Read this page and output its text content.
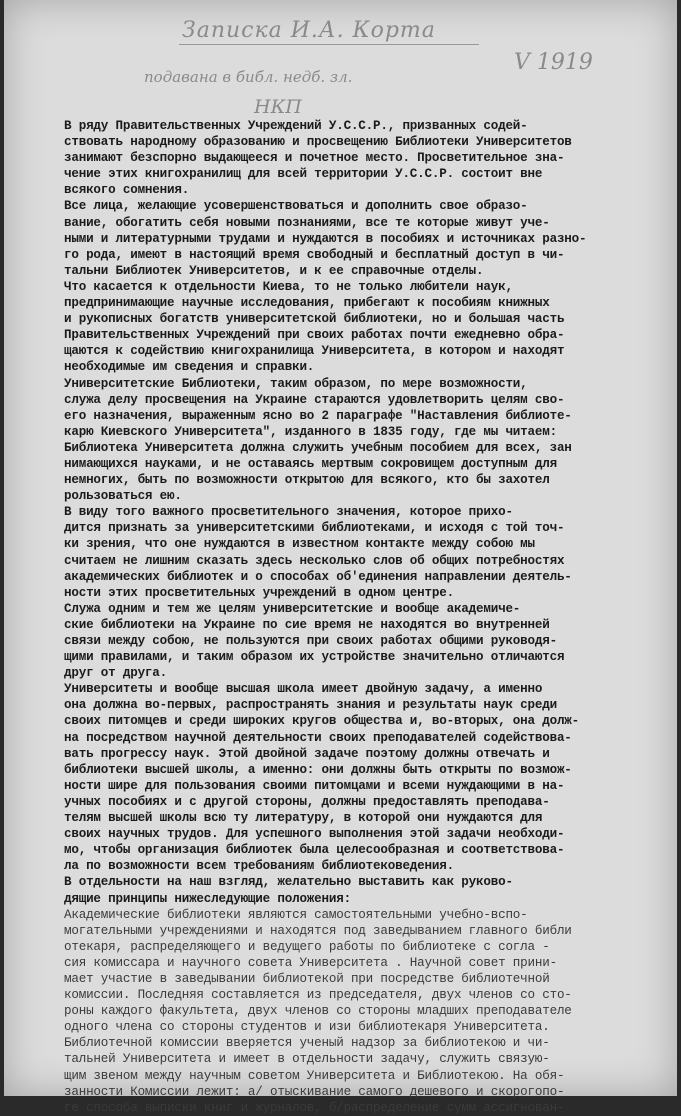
Записка И.А. Корта
V 1919
подавана в библ. недб. зл.
НКП
В ряду Правительственных Учреждений У.С.С.Р., призванных содей-
ствовать народному образованию и просвещению Библиотеки Университетов
занимают безспорно выдающееся и почетное место. Просветительное зна-
чение этих книгохранилищ для всей территории У.С.С.Р. состоит вне
всякого сомнения.
Все лица, желающие усовершенствоваться и дополнить свое образо-
вание, обогатить себя новыми познаниями, все те которые живут уче-
ными и литературными трудами и нуждаются в пособиях и источниках разно-
го рода, имеют в настоящий время свободный и бесплатный доступ в чи-
тальни Библиотек Университетов, и к ее справочные отделы.
Что касается к отдельности Киева, то не только любители наук,
предпринимающие научные исследования, прибегают к пособиям книжных
и рукописных богатств университетской библиотеки, но и большая часть
Правительственных Учреждений при своих работах почти ежедневно обра-
щаются к содействию книгохранилища Университета, в котором и находят
необходимые им сведения и справки.
Университетские Библиотеки, таким образом, по мере возможности,
служа делу просвещения на Украине стараются удовлетворить целям сво-
его назначения, выраженным ясно во 2 параграфе "Наставления библиоте-
карю Киевского Университета", изданного в 1835 году, где мы читаем:
Библиотека Университета должна служить учебным пособием для всех, зан
нимающихся науками, и не оставаясь мертвым сокровищем доступным для
немногих, быть по возможности открытою для всякого, кто бы захотел
рользоваться ею.
В виду того важного просветительного значения, которое прихо-
дится признать за университетскими библиотеками, и исходя с той точ-
ки зрения, что оне нуждаются в известном контакте между собою мы
считаем не лишним сказать здесь несколько слов об общих потребностях
академических библиотек и о способах об'единения направлении деятель-
ности этих просветительных учреждений в одном центре.
Служа одним и тем же целям университетские и вообще академиче-
ские библиотеки на Украине по сие время не находятся во внутренней
связи между собою, не пользуются при своих работах общими руководя-
щими правилами, и таким образом их устройстве значительно отличаются
друг от друга.
Университеты и вообще высшая школа имеет двойную задачу, а именно
она должна во-первых, распространять знания и результаты наук среди
своих питомцев и среди широких кругов общества и, во-вторых, она долж-
на посредством научной деятельности своих преподавателей содействова-
вать прогрессу наук. Этой двойной задаче поэтому должны отвечать и
библиотеки высшей школы, а именно: они должны быть открыты по возмож-
ности шире для пользования своими питомцами и всеми нуждающими в на-
учных пособиях и с другой стороны, должны предоставлять преподава-
телям высшей школы всю ту литературу, в которой они нуждаются для
своих научных трудов. Для успешного выполнения этой задачи необходи-
мо, чтобы организация библиотек была целесообразная и соответствова-
ла по возможности всем требованиям библиотековедения.
В отдельности на наш взгляд, желательно выставить как руково-
дящие принципы нижеследующие положения:
Академические библиотеки являются самостоятельными учебно-вспо-
могательными учреждениями и находятся под заведыванием главного библи
отекаря, распределяющего и ведущего работы по библиотеке с согла -
сия комиссара и научного совета Университета . Научной совет прини-
мает участие в заведывании библиотекой при посредстве библиотечной
комиссии. Последняя составляется из председателя, двух членов со сто-
роны каждого факультета, двух членов со стороны младших преподавателе
одного члена со стороны студентов и изи библиотекаря Университета.
Библиотечной комиссии вверяется ученый надзор за библиотекою и чи-
тальней Университета и имеет в отдельности задачу, служить связую-
щим звеном между научным советом Университета и Библиотекою. На обя-
занности Комиссии лежит: а/ отыскивание самого дешевого и скорогопо-
ге способа выписки книг и журналов, б/распределение сумм ассигнован-
